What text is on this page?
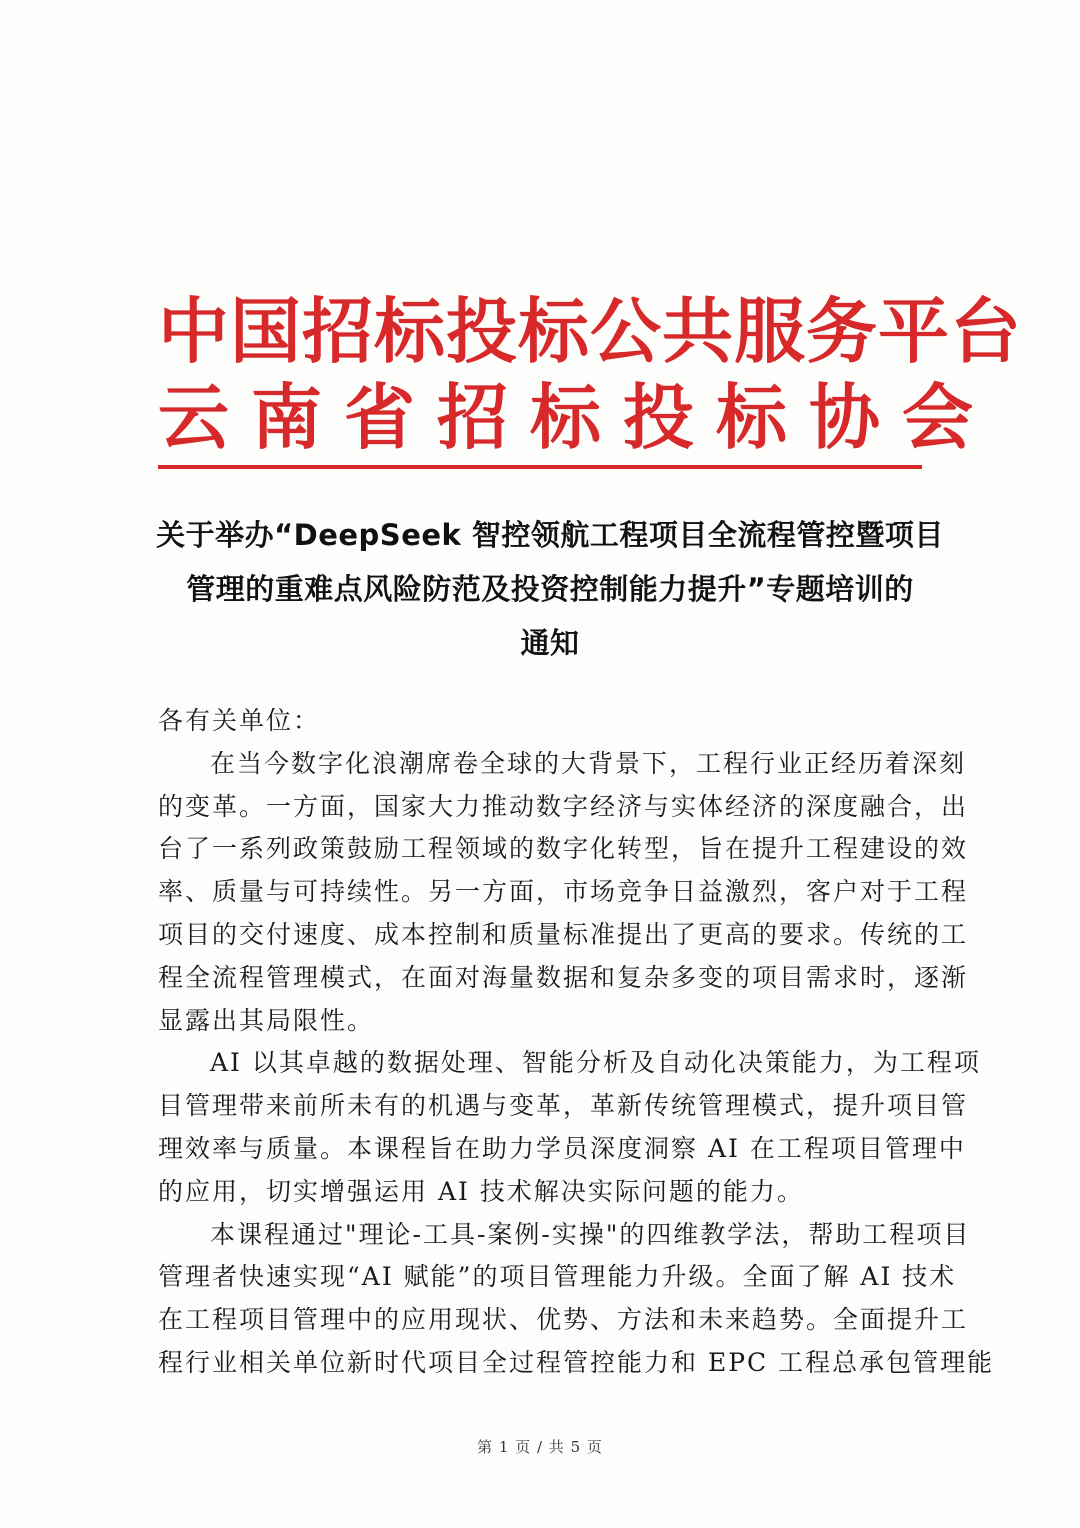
中国招标投标公共服务平台
云南省招标投标协会
关于举办“DeepSeek 智控领航工程项目全流程管控暨项目
管理的重难点风险防范及投资控制能力提升”专题培训的
通知

各有关单位：

在当今数字化浪潮席卷全球的大背景下，工程行业正经历着深刻
的变革。一方面，国家大力推动数字经济与实体经济的深度融合，出
台了一系列政策鼓励工程领域的数字化转型，旨在提升工程建设的效
率、质量与可持续性。另一方面，市场竞争日益激烈，客户对于工程
项目的交付速度、成本控制和质量标准提出了更高的要求。传统的工
程全流程管理模式，在面对海量数据和复杂多变的项目需求时，逐渐
显露出其局限性。

AI 以其卓越的数据处理、智能分析及自动化决策能力，为工程项
目管理带来前所未有的机遇与变革，革新传统管理模式，提升项目管
理效率与质量。本课程旨在助力学员深度洞察 AI 在工程项目管理中
的应用，切实增强运用 AI 技术解决实际问题的能力。

本课程通过"理论-工具-案例-实操"的四维教学法，帮助工程项目
管理者快速实现“AI 赋能”的项目管理能力升级。全面了解 AI 技术
在工程项目管理中的应用现状、优势、方法和未来趋势。全面提升工
程行业相关单位新时代项目全过程管控能力和 EPC 工程总承包管理能

第 1 页 / 共 5 页
